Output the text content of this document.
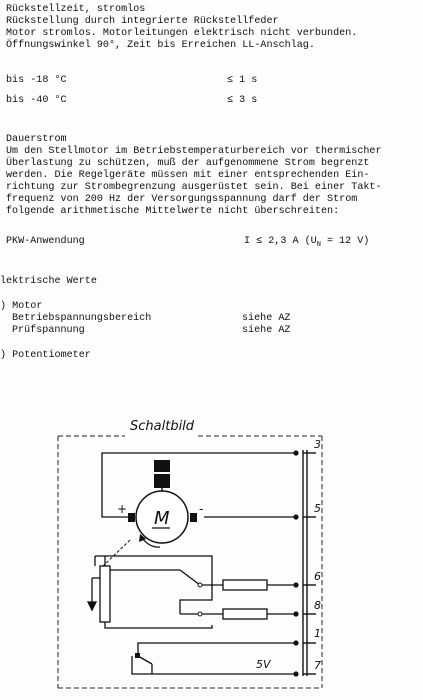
Rückstellzeit, stromlos
Rückstellung durch integrierte Rückstellfeder
Motor stromlos. Motorleitungen elektrisch nicht verbunden.
Öffnungswinkel 90°, Zeit bis Erreichen LL-Anschlag.
bis -18 °C	≤ 1 s
bis -40 °C	≤ 3 s
Dauerstrom
Um den Stellmotor im Betriebstemperaturbereich vor thermischer
Überlastung zu schützen, muß der aufgenommene Strom begrenzt
werden. Die Regelgeräte müssen mit einer entsprechenden Ein-
richtung zur Strombegrenzung ausgerüstet sein. Bei einer Takt-
frequenz von 200 Hz der Versorgungsspannung darf der Strom
folgende arithmetische Mittelwerte nicht überschreiten:
PKW-Anwendung	I ≤ 2,3 A ($U_N = 12$ V)
lektrische Werte
) Motor
Betriebspannungsbereich	siehe AZ
Prüfspannung	siehe AZ
) Potentiometer
Schaltbild
3
5
6
8
1
7
M
+	-
5V
